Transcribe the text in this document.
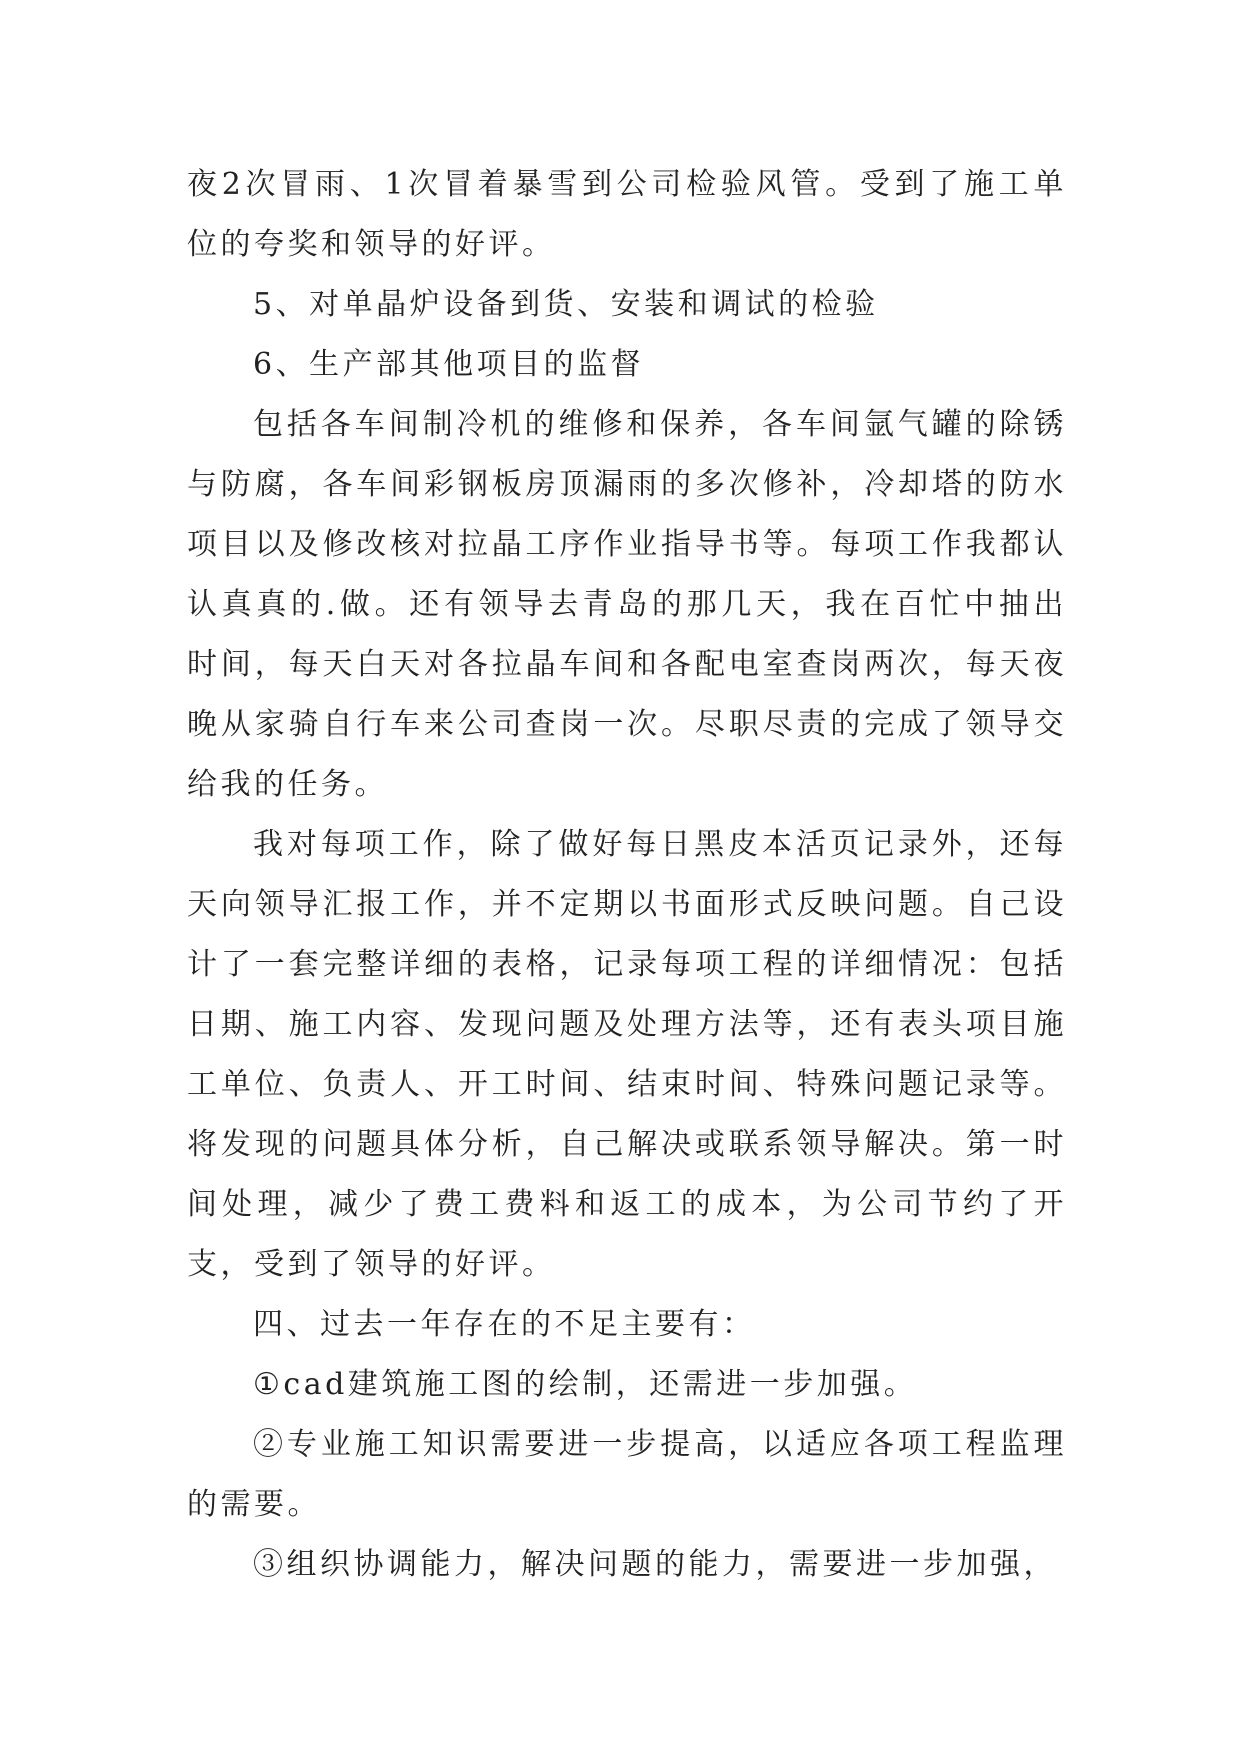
夜2次冒雨、1次冒着暴雪到公司检验风管。受到了施工单位的夸奖和领导的好评。

5、对单晶炉设备到货、安装和调试的检验

6、生产部其他项目的监督

包括各车间制冷机的维修和保养，各车间氩气罐的除锈与防腐，各车间彩钢板房顶漏雨的多次修补，冷却塔的防水项目以及修改核对拉晶工序作业指导书等。每项工作我都认认真真的.做。还有领导去青岛的那几天，我在百忙中抽出时间，每天白天对各拉晶车间和各配电室查岗两次，每天夜晚从家骑自行车来公司查岗一次。尽职尽责的完成了领导交给我的任务。

我对每项工作，除了做好每日黑皮本活页记录外，还每天向领导汇报工作，并不定期以书面形式反映问题。自己设计了一套完整详细的表格，记录每项工程的详细情况：包括日期、施工内容、发现问题及处理方法等，还有表头项目施工单位、负责人、开工时间、结束时间、特殊问题记录等。将发现的问题具体分析，自己解决或联系领导解决。第一时间处理，减少了费工费料和返工的成本，为公司节约了开支，受到了领导的好评。

四、过去一年存在的不足主要有：

①cad建筑施工图的绘制，还需进一步加强。

②专业施工知识需要进一步提高，以适应各项工程监理的需要。

③组织协调能力，解决问题的能力，需要进一步加强，
